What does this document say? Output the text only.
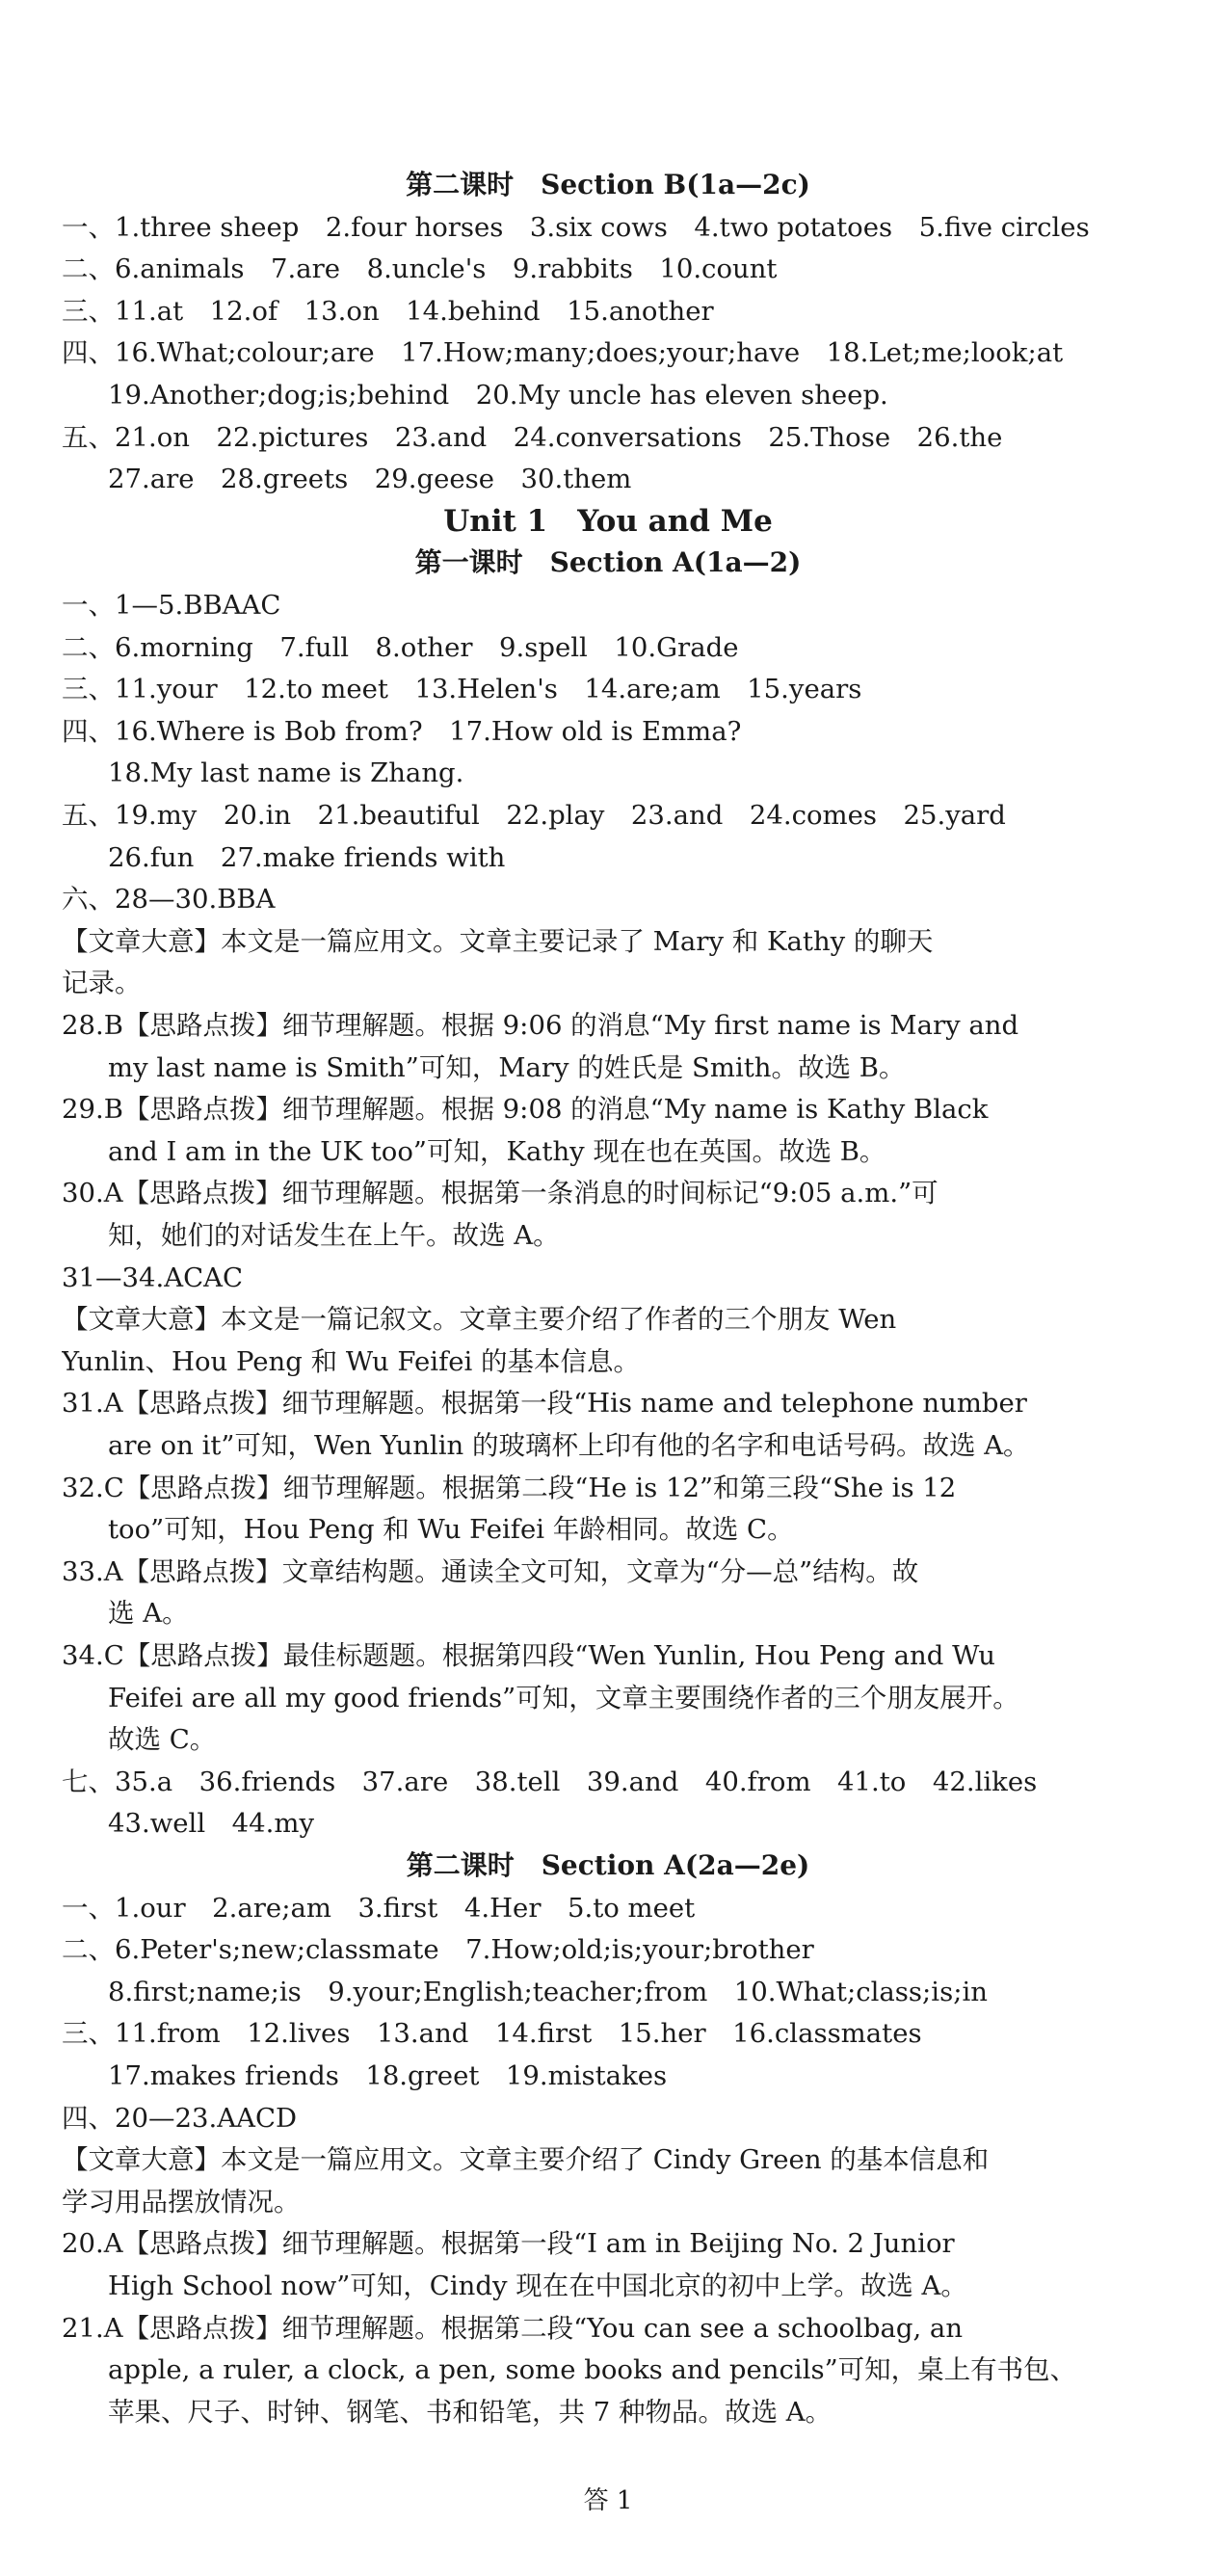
第二课时　Section B(1a—2c)
一、1.three sheep　2.four horses　3.six cows　4.two potatoes　5.five circles
二、6.animals　7.are　8.uncle's　9.rabbits　10.count
三、11.at　12.of　13.on　14.behind　15.another
四、16.What;colour;are　17.How;many;does;your;have　18.Let;me;look;at
19.Another;dog;is;behind　20.My uncle has eleven sheep.
五、21.on　22.pictures　23.and　24.conversations　25.Those　26.the
27.are　28.greets　29.geese　30.them
Unit 1　You and Me
第一课时　Section A(1a—2)
一、1—5.BBAAC
二、6.morning　7.full　8.other　9.spell　10.Grade
三、11.your　12.to meet　13.Helen's　14.are;am　15.years
四、16.Where is Bob from?　17.How old is Emma?
18.My last name is Zhang.
五、19.my　20.in　21.beautiful　22.play　23.and　24.comes　25.yard
26.fun　27.make friends with
六、28—30.BBA
【文章大意】本文是一篇应用文。文章主要记录了 Mary 和 Kathy 的聊天
记录。
28.B【思路点拨】细节理解题。根据 9:06 的消息“My first name is Mary and
my last name is Smith”可知，Mary 的姓氏是 Smith。故选 B。
29.B【思路点拨】细节理解题。根据 9:08 的消息“My name is Kathy Black
and I am in the UK too”可知，Kathy 现在也在英国。故选 B。
30.A【思路点拨】细节理解题。根据第一条消息的时间标记“9:05 a.m.”可
知，她们的对话发生在上午。故选 A。
31—34.ACAC
【文章大意】本文是一篇记叙文。文章主要介绍了作者的三个朋友 Wen
Yunlin、Hou Peng 和 Wu Feifei 的基本信息。
31.A【思路点拨】细节理解题。根据第一段“His name and telephone number
are on it”可知，Wen Yunlin 的玻璃杯上印有他的名字和电话号码。故选 A。
32.C【思路点拨】细节理解题。根据第二段“He is 12”和第三段“She is 12
too”可知，Hou Peng 和 Wu Feifei 年龄相同。故选 C。
33.A【思路点拨】文章结构题。通读全文可知，文章为“分—总”结构。故
选 A。
34.C【思路点拨】最佳标题题。根据第四段“Wen Yunlin, Hou Peng and Wu
Feifei are all my good friends”可知，文章主要围绕作者的三个朋友展开。
故选 C。
七、35.a　36.friends　37.are　38.tell　39.and　40.from　41.to　42.likes
43.well　44.my
第二课时　Section A(2a—2e)
一、1.our　2.are;am　3.first　4.Her　5.to meet
二、6.Peter's;new;classmate　7.How;old;is;your;brother
8.first;name;is　9.your;English;teacher;from　10.What;class;is;in
三、11.from　12.lives　13.and　14.first　15.her　16.classmates
17.makes friends　18.greet　19.mistakes
四、20—23.AACD
【文章大意】本文是一篇应用文。文章主要介绍了 Cindy Green 的基本信息和
学习用品摆放情况。
20.A【思路点拨】细节理解题。根据第一段“I am in Beijing No. 2 Junior
High School now”可知，Cindy 现在在中国北京的初中上学。故选 A。
21.A【思路点拨】细节理解题。根据第二段“You can see a schoolbag, an
apple, a ruler, a clock, a pen, some books and pencils”可知，桌上有书包、
苹果、尺子、时钟、钢笔、书和铅笔，共 7 种物品。故选 A。
答 1
